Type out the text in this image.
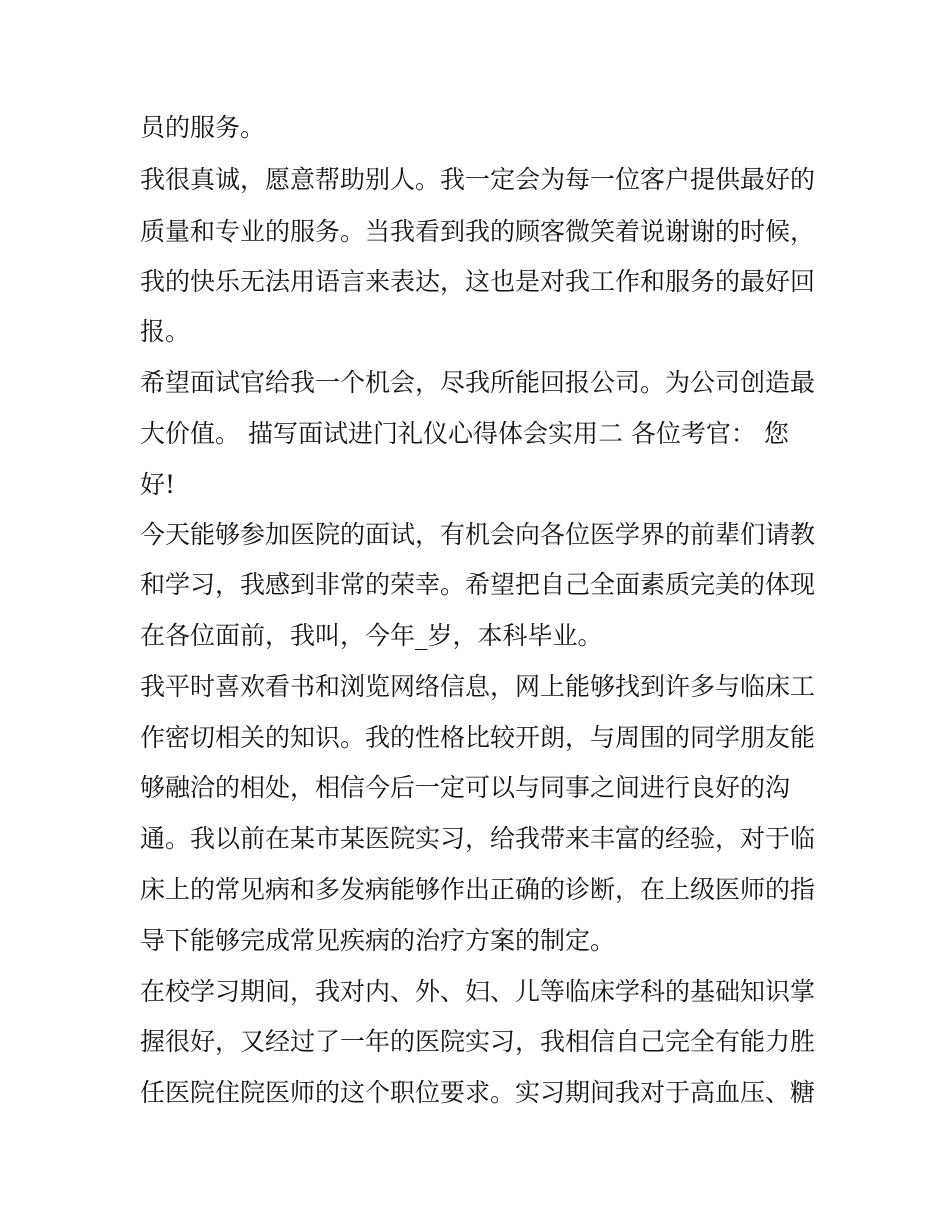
员的服务。

我很真诚，愿意帮助别人。我一定会为每一位客户提供最好的

质量和专业的服务。当我看到我的顾客微笑着说谢谢的时候，

我的快乐无法用语言来表达，这也是对我工作和服务的最好回

报。

希望面试官给我一个机会，尽我所能回报公司。为公司创造最

大价值。 描写面试进门礼仪心得体会实用二 各位考官： 您

好!

今天能够参加医院的面试，有机会向各位医学界的前辈们请教

和学习，我感到非常的荣幸。希望把自己全面素质完美的体现

在各位面前，我叫，今年_岁，本科毕业。

我平时喜欢看书和浏览网络信息，网上能够找到许多与临床工

作密切相关的知识。我的性格比较开朗，与周围的同学朋友能

够融洽的相处，相信今后一定可以与同事之间进行良好的沟

通。我以前在某市某医院实习，给我带来丰富的经验，对于临

床上的常见病和多发病能够作出正确的诊断，在上级医师的指

导下能够完成常见疾病的治疗方案的制定。

在校学习期间，我对内、外、妇、儿等临床学科的基础知识掌

握很好，又经过了一年的医院实习，我相信自己完全有能力胜

任医院住院医师的这个职位要求。实习期间我对于高血压、糖
